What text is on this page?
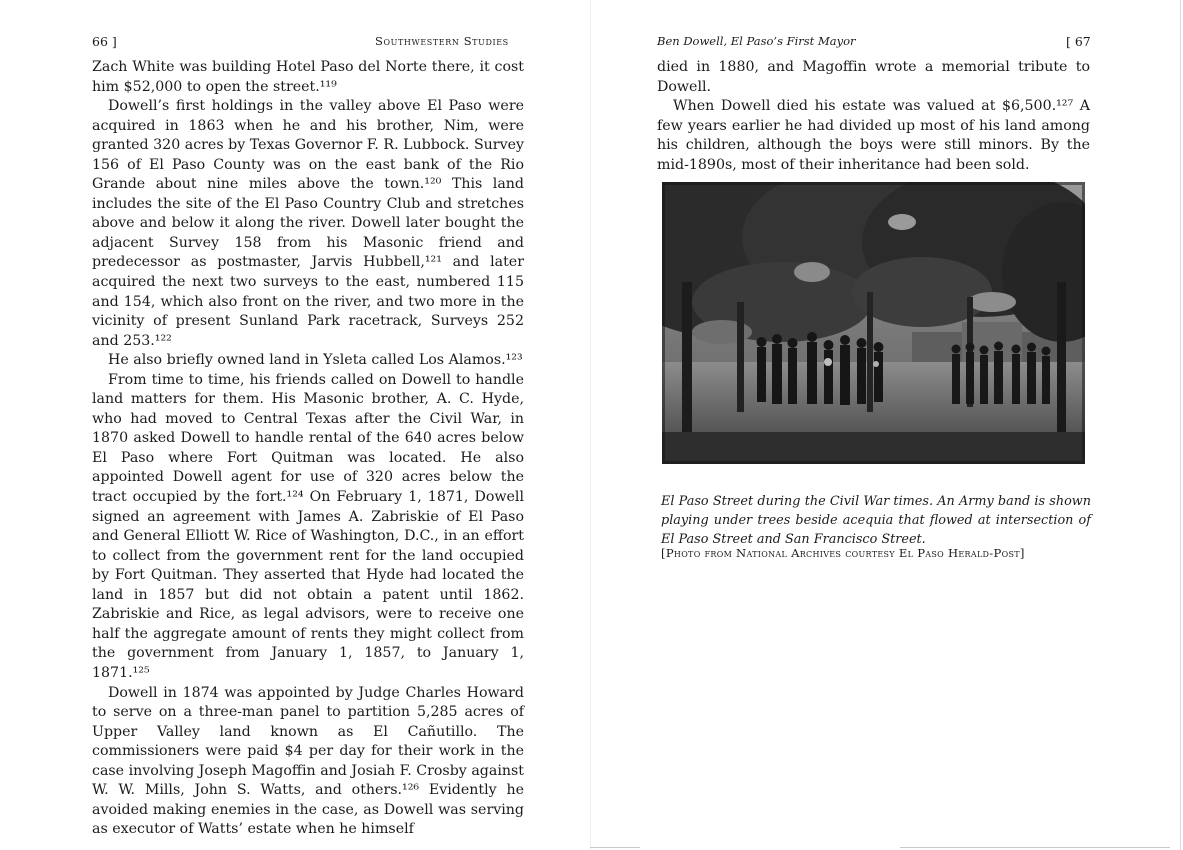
66 ]	Southwestern Studies

Zach White was building Hotel Paso del Norte there, it cost him $52,000 to open the street.¹¹⁹

Dowell’s first holdings in the valley above El Paso were acquired in 1863 when he and his brother, Nim, were granted 320 acres by Texas Governor F. R. Lubbock. Survey 156 of El Paso County was on the east bank of the Rio Grande about nine miles above the town.¹²⁰ This land includes the site of the El Paso Country Club and stretches above and below it along the river. Dowell later bought the adjacent Survey 158 from his Masonic friend and predecessor as postmaster, Jarvis Hubbell,¹²¹ and later acquired the next two surveys to the east, numbered 115 and 154, which also front on the river, and two more in the vicinity of present Sunland Park racetrack, Surveys 252 and 253.¹²²

He also briefly owned land in Ysleta called Los Alamos.¹²³

From time to time, his friends called on Dowell to handle land matters for them. His Masonic brother, A. C. Hyde, who had moved to Central Texas after the Civil War, in 1870 asked Dowell to handle rental of the 640 acres below El Paso where Fort Quitman was located. He also appointed Dowell agent for use of 320 acres below the tract occupied by the fort.¹²⁴ On February 1, 1871, Dowell signed an agreement with James A. Zabriskie of El Paso and General Elliott W. Rice of Washington, D.C., in an effort to collect from the government rent for the land occupied by Fort Quitman. They asserted that Hyde had located the land in 1857 but did not obtain a patent until 1862. Zabriskie and Rice, as legal advisors, were to receive one half the aggregate amount of rents they might collect from the government from January 1, 1857, to January 1, 1871.¹²⁵

Dowell in 1874 was appointed by Judge Charles Howard to serve on a three-man panel to partition 5,285 acres of Upper Valley land known as El Cañutillo. The commissioners were paid $4 per day for their work in the case involving Joseph Magoffin and Josiah F. Crosby against W. W. Mills, John S. Watts, and others.¹²⁶ Evidently he avoided making enemies in the case, as Dowell was serving as executor of Watts’ estate when he himself

Ben Dowell, El Paso’s First Mayor	[ 67

died in 1880, and Magoffin wrote a memorial tribute to Dowell.

When Dowell died his estate was valued at $6,500.¹²⁷ A few years earlier he had divided up most of his land among his children, although the boys were still minors. By the mid-1890s, most of their inheritance had been sold.

El Paso Street during the Civil War times. An Army band is shown playing under trees beside acequia that flowed at intersection of El Paso Street and San Francisco Street.
[Photo from National Archives courtesy El Paso Herald-Post]
